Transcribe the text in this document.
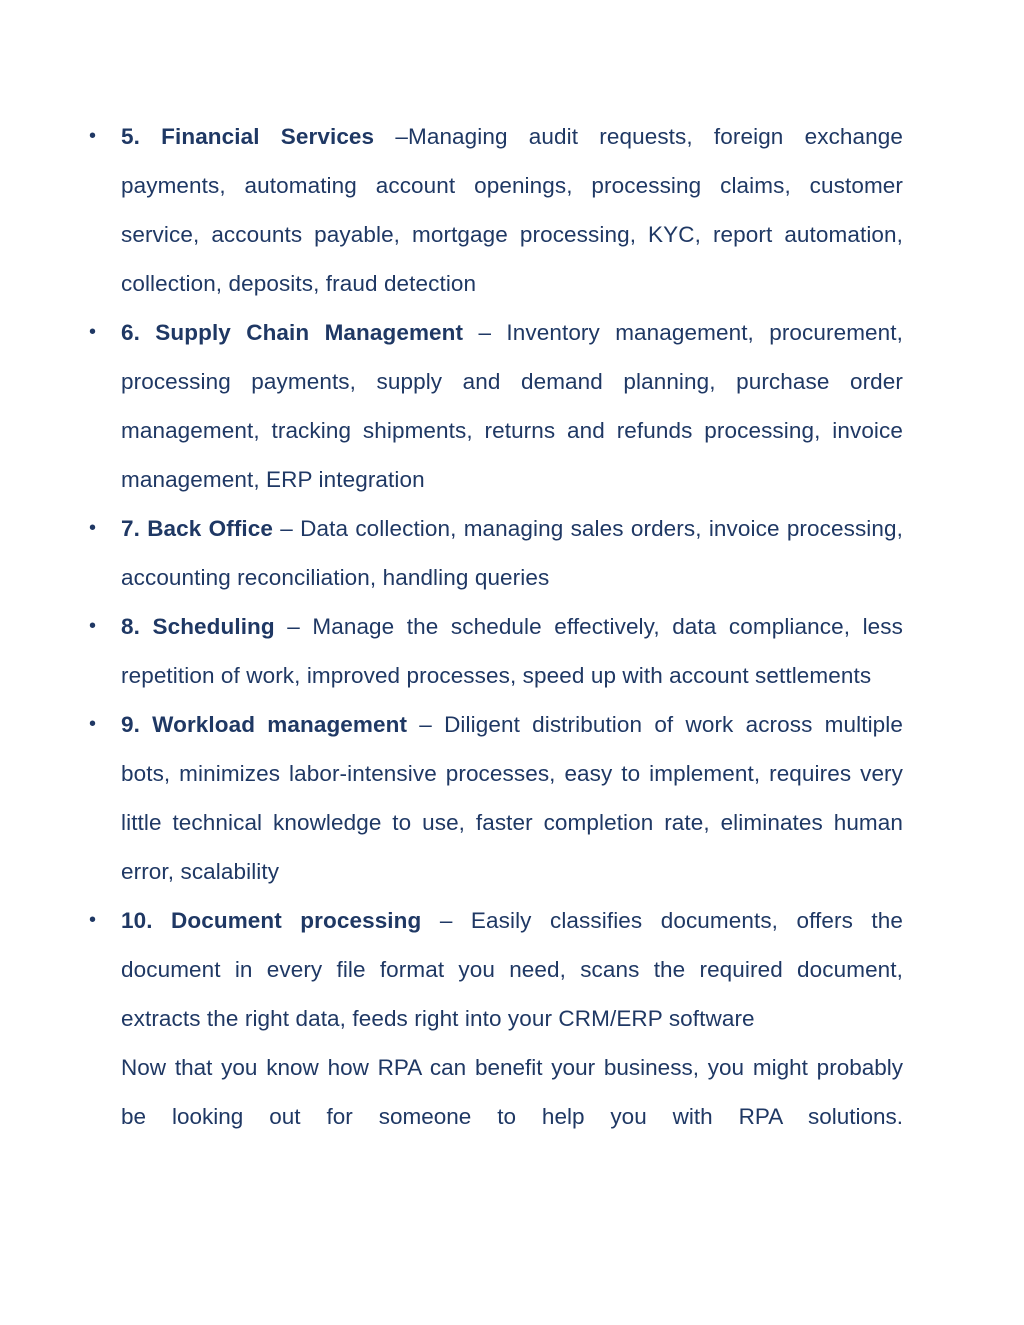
• 5. Financial Services –Managing audit requests, foreign exchange payments, automating account openings, processing claims, customer service, accounts payable, mortgage processing, KYC, report automation, collection, deposits, fraud detection

• 6. Supply Chain Management – Inventory management, procurement, processing payments, supply and demand planning, purchase order management, tracking shipments, returns and refunds processing, invoice management, ERP integration

• 7. Back Office – Data collection, managing sales orders, invoice processing, accounting reconciliation, handling queries

• 8. Scheduling – Manage the schedule effectively, data compliance, less repetition of work, improved processes, speed up with account settlements

• 9. Workload management – Diligent distribution of work across multiple bots, minimizes labor-intensive processes, easy to implement, requires very little technical knowledge to use, faster completion rate, eliminates human error, scalability

• 10. Document processing – Easily classifies documents, offers the document in every file format you need, scans the required document, extracts the right data, feeds right into your CRM/ERP software

Now that you know how RPA can benefit your business, you might probably be looking out for someone to help you with RPA solutions.
